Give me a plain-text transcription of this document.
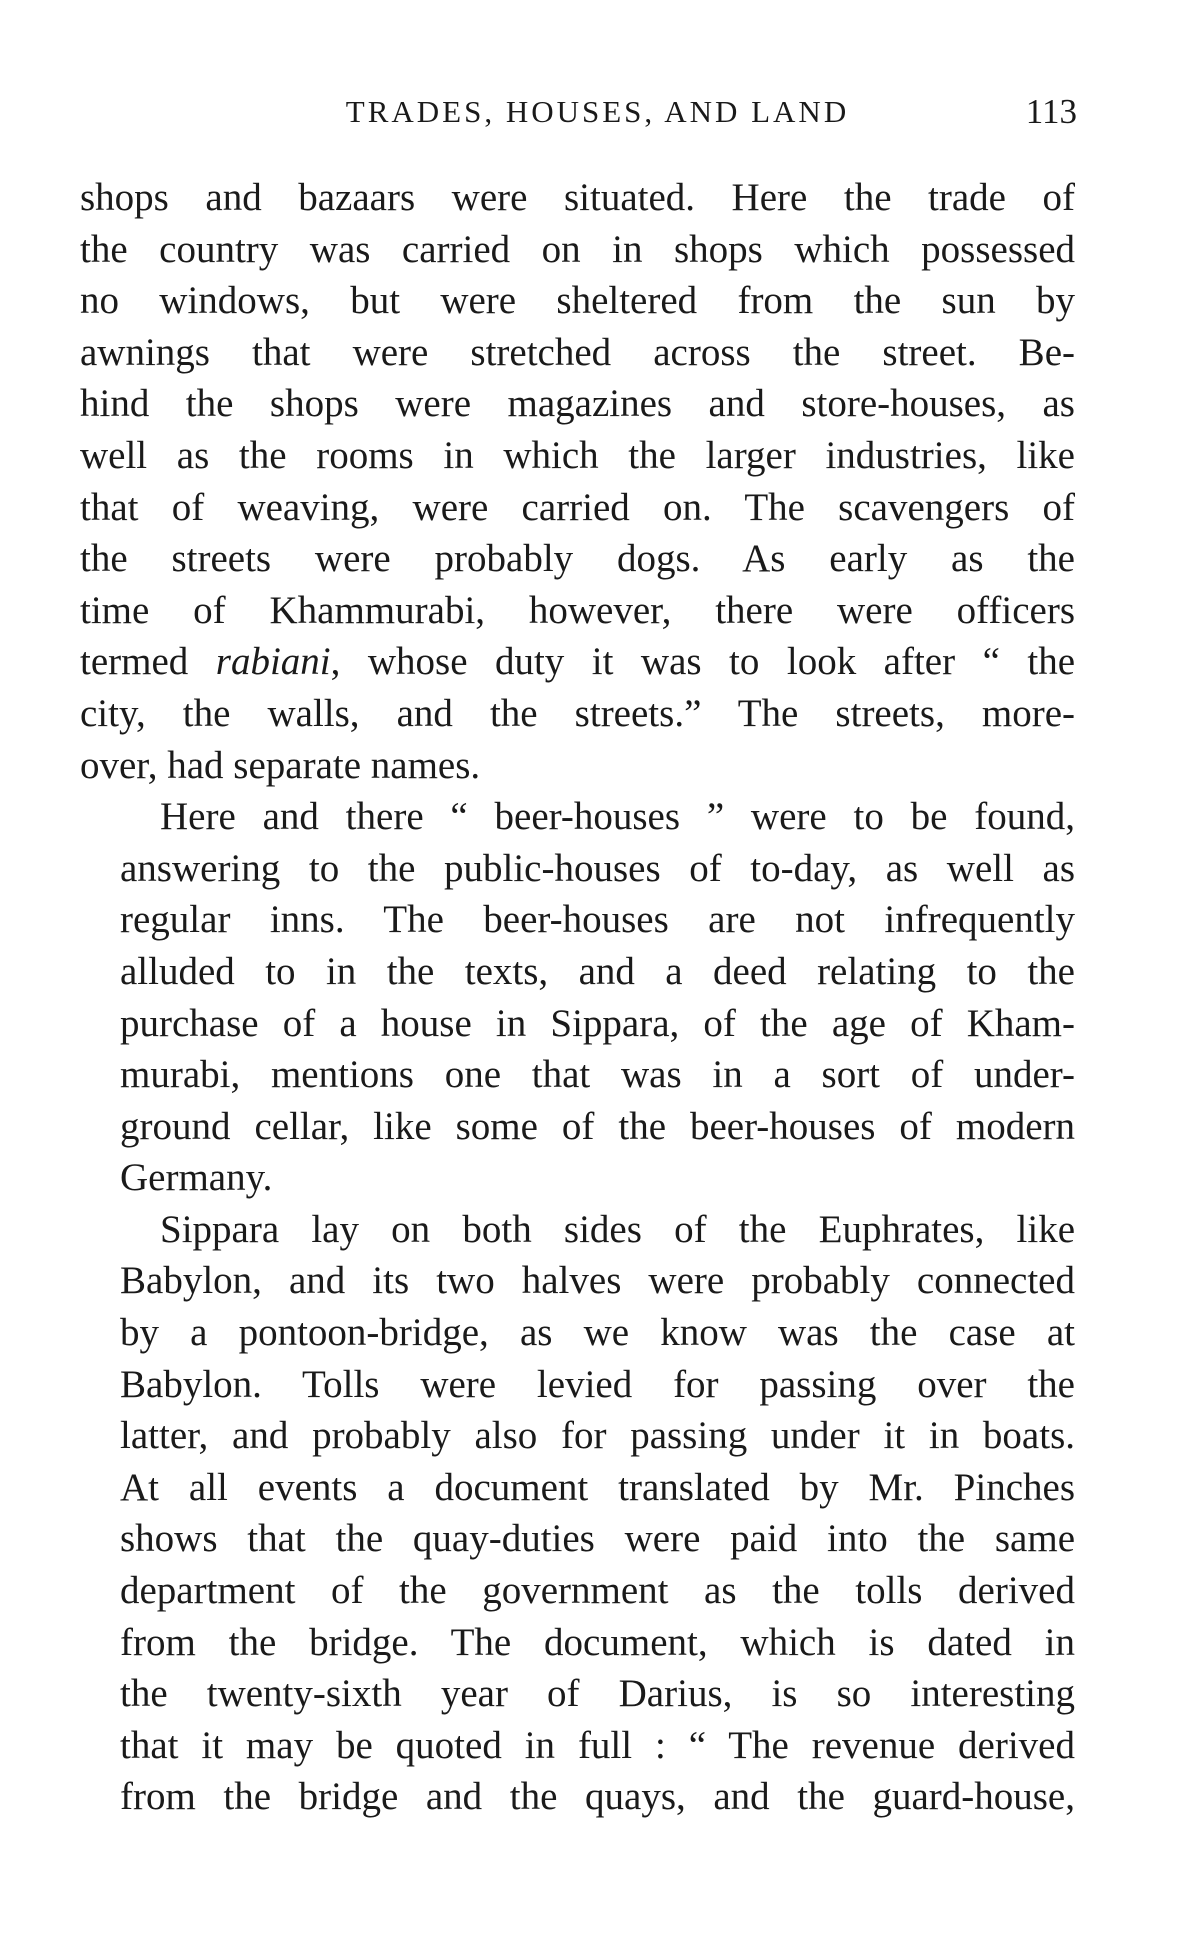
TRADES, HOUSES, AND LAND	113
shops and bazaars were situated. Here the trade of
the country was carried on in shops which possessed
no windows, but were sheltered from the sun by
awnings that were stretched across the street. Be-
hind the shops were magazines and store-houses, as
well as the rooms in which the larger industries, like
that of weaving, were carried on. The scavengers of
the streets were probably dogs. As early as the
time of Khammurabi, however, there were officers
termed rabiani, whose duty it was to look after “ the
city, the walls, and the streets.” The streets, more-
over, had separate names.
Here and there “ beer-houses ” were to be found,
answering to the public-houses of to-day, as well as
regular inns. The beer-houses are not infrequently
alluded to in the texts, and a deed relating to the
purchase of a house in Sippara, of the age of Kham-
murabi, mentions one that was in a sort of under-
ground cellar, like some of the beer-houses of modern
Germany.
Sippara lay on both sides of the Euphrates, like
Babylon, and its two halves were probably connected
by a pontoon-bridge, as we know was the case at
Babylon. Tolls were levied for passing over the
latter, and probably also for passing under it in boats.
At all events a document translated by Mr. Pinches
shows that the quay-duties were paid into the same
department of the government as the tolls derived
from the bridge. The document, which is dated in
the twenty-sixth year of Darius, is so interesting
that it may be quoted in full : “ The revenue derived
from the bridge and the quays, and the guard-house,
